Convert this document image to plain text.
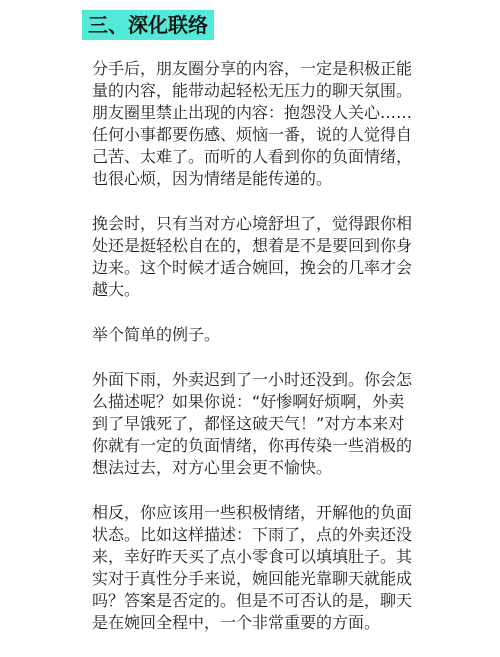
三、深化联络

分手后，朋友圈分享的内容，一定是积极正能量的内容，能带动起轻松无压力的聊天氛围。朋友圈里禁止出现的内容：抱怨没人关心……任何小事都要伤感、烦恼一番，说的人觉得自己苦、太难了。而听的人看到你的负面情绪，也很心烦，因为情绪是能传递的。

挽会时，只有当对方心境舒坦了，觉得跟你相处还是挺轻松自在的，想着是不是要回到你身边来。这个时候才适合婉回，挽会的几率才会越大。

举个简单的例子。

外面下雨，外卖迟到了一小时还没到。你会怎么描述呢？如果你说：“好惨啊好烦啊，外卖到了早饿死了，都怪这破天气！”对方本来对你就有一定的负面情绪，你再传染一些消极的想法过去，对方心里会更不愉快。

相反，你应该用一些积极情绪，开解他的负面状态。比如这样描述：下雨了，点的外卖还没来，幸好昨天买了点小零食可以填填肚子。其实对于真性分手来说，婉回能光靠聊天就能成吗？答案是否定的。但是不可否认的是，聊天是在婉回全程中，一个非常重要的方面。
